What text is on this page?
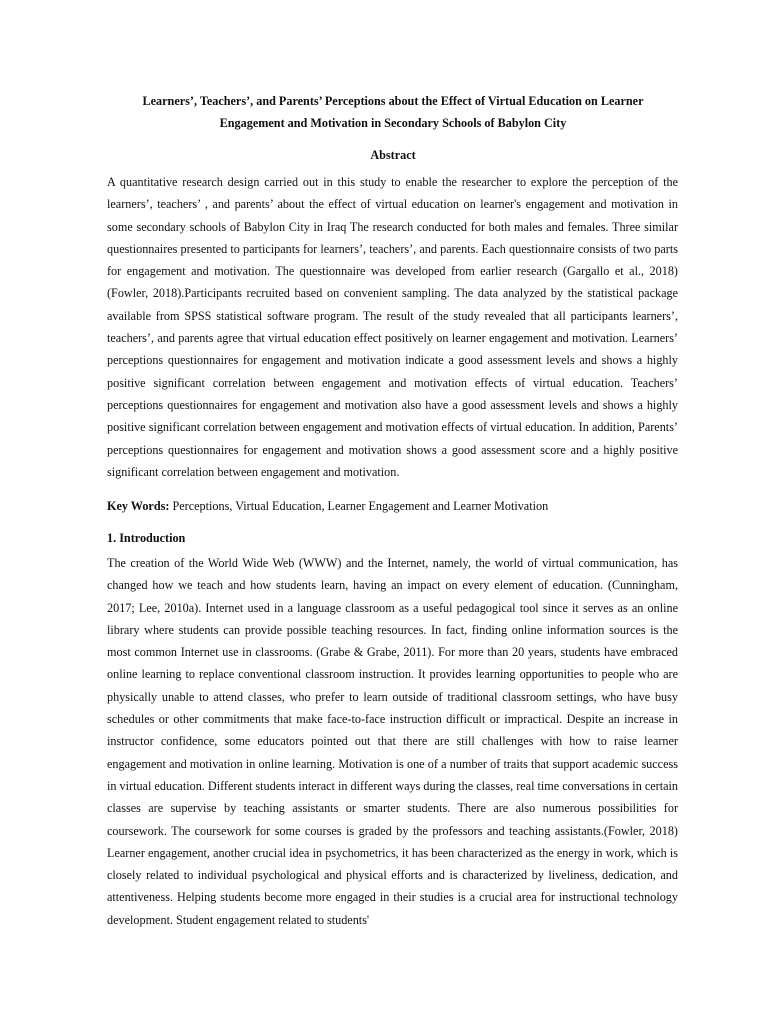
Learners’, Teachers’, and Parents’ Perceptions about the Effect of Virtual Education on Learner

Engagement and Motivation in Secondary Schools of Babylon City

Abstract

A quantitative research design carried out in this study to enable the researcher to explore the perception of the learners’, teachers’ , and parents’ about the effect of virtual education on learner's engagement and motivation in some secondary schools of Babylon City in Iraq The research conducted for both males and females. Three similar questionnaires presented to participants for learners’, teachers’, and parents. Each questionnaire consists of two parts for engagement and motivation. The questionnaire was developed from earlier research (Gargallo et al., 2018) (Fowler, 2018).Participants recruited based on convenient sampling. The data analyzed by the statistical package available from SPSS statistical software program. The result of the study revealed that all participants learners’, teachers’, and parents agree that virtual education effect positively on learner engagement and motivation. Learners’ perceptions questionnaires for engagement and motivation indicate a good assessment levels and shows a highly positive significant correlation between engagement and motivation effects of virtual education. Teachers’ perceptions questionnaires for engagement and motivation also have a good assessment levels and shows a highly positive significant correlation between engagement and motivation effects of virtual education. In addition, Parents’ perceptions questionnaires for engagement and motivation shows a good assessment score and a highly positive significant correlation between engagement and motivation.

Key Words: Perceptions, Virtual Education, Learner Engagement and Learner Motivation

1. Introduction

The creation of the World Wide Web (WWW) and the Internet, namely, the world of virtual communication, has changed how we teach and how students learn, having an impact on every element of education. (Cunningham, 2017; Lee, 2010a). Internet used in a language classroom as a useful pedagogical tool since it serves as an online library where students can provide possible teaching resources. In fact, finding online information sources is the most common Internet use in classrooms. (Grabe & Grabe, 2011). For more than 20 years, students have embraced online learning to replace conventional classroom instruction. It provides learning opportunities to people who are physically unable to attend classes, who prefer to learn outside of traditional classroom settings, who have busy schedules or other commitments that make face-to-face instruction difficult or impractical. Despite an increase in instructor confidence, some educators pointed out that there are still challenges with how to raise learner engagement and motivation in online learning. Motivation is one of a number of traits that support academic success in virtual education. Different students interact in different ways during the classes, real time conversations in certain classes are supervise by teaching assistants or smarter students. There are also numerous possibilities for coursework. The coursework for some courses is graded by the professors and teaching assistants.(Fowler, 2018) Learner engagement, another crucial idea in psychometrics, it has been characterized as the energy in work, which is closely related to individual psychological and physical efforts and is characterized by liveliness, dedication, and attentiveness. Helping students become more engaged in their studies is a crucial area for instructional technology development. Student engagement related to students'
